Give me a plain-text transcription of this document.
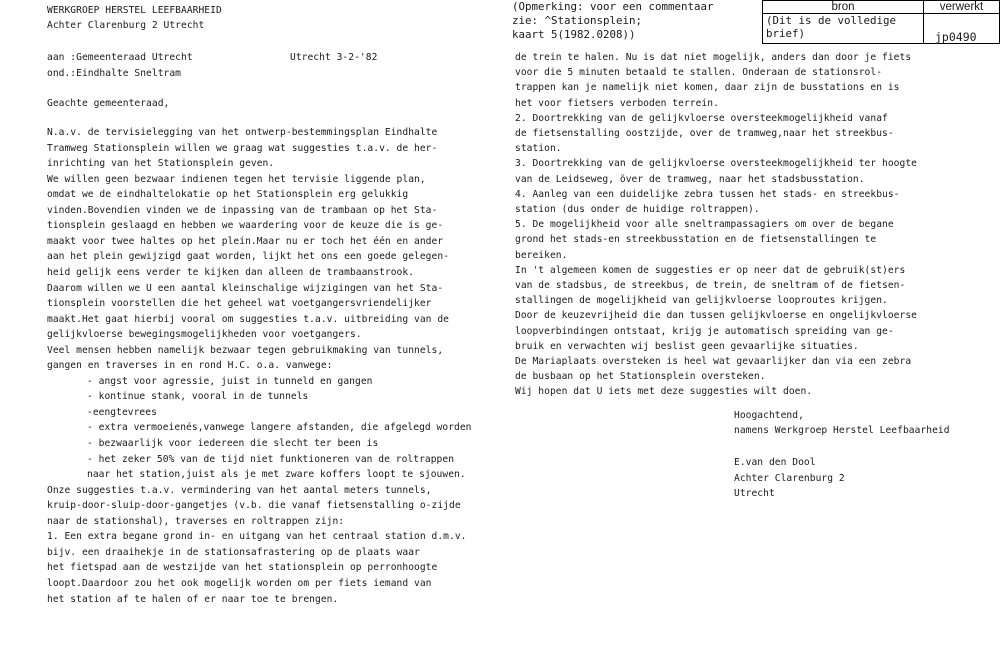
WERKGROEP HERSTEL LEEFBAARHEID
Achter Clarenburg 2 Utrecht
aan :Gemeenteraad Utrecht	Utrecht 3-2-'82
ond.:Eindhalte Sneltram
Geachte gemeenteraad,
(Opmerking: voor een commentaar
zie: ^Stationsplein;
kaart 5(1982.0208))
bron	verwerkt
(Dit is de volledige
brief)	jp0490
N.a.v. de tervisielegging van het ontwerp-bestemmingsplan Eindhalte
Tramweg Stationsplein willen we graag wat suggesties t.a.v. de her-
inrichting van het Stationsplein geven.
We willen geen bezwaar indienen tegen het tervisie liggende plan,
omdat we de eindhaltelokatie op het Stationsplein erg gelukkig
vinden.Bovendien vinden we de inpassing van de trambaan op het Sta-
tionsplein geslaagd en hebben we waardering voor de keuze die is ge-
maakt voor twee haltes op het plein.Maar nu er toch het één en ander
aan het plein gewijzigd gaat worden, lijkt het ons een goede gelegen-
heid gelijk eens verder te kijken dan alleen de trambaanstrook.
Daarom willen we U een aantal kleinschalige wijzigingen van het Sta-
tionsplein voorstellen die het geheel wat voetgangersvriendelijker
maakt.Het gaat hierbij vooral om suggesties t.a.v. uitbreiding van de
gelijkvloerse bewegingsmogelijkheden voor voetgangers.
Veel mensen hebben namelijk bezwaar tegen gebruikmaking van tunnels,
gangen en traverses in en rond H.C. o.a. vanwege:
- angst voor agressie, juist in tunneld en gangen
- kontinue stank, vooral in de tunnels
-eengtevrees
- extra vermoeienés,vanwege langere afstanden, die afgelegd worden
- bezwaarlijk voor iedereen die slecht ter been is
- het zeker 50% van de tijd niet funktioneren van de roltrappen
naar het station,juist als je met zware koffers loopt te sjouwen.
Onze suggesties t.a.v. vermindering van het aantal meters tunnels,
kruip-door-sluip-door-gangetjes (v.b. die vanaf fietsenstalling o-zijde
naar de stationshal), traverses en roltrappen zijn:
1. Een extra begane grond in- en uitgang van het centraal station d.m.v.
bijv. een draaihekje in de stationsafrastering op de plaats waar
het fietspad aan de westzijde van het stationsplein op perronhoogte
loopt.Daardoor zou het ook mogelijk worden om per fiets iemand van
het station af te halen of er naar toe te brengen.
de trein te halen. Nu is dat niet mogelijk, anders dan door je fiets
voor die 5 minuten betaald te stallen. Onderaan de stationsrol-
trappen kan je namelijk niet komen, daar zijn de busstations en is
het voor fietsers verboden terrein.
2. Doortrekking van de gelijkvloerse oversteekmogelijkheid vanaf
de fietsenstalling oostzijde, over de tramweg,naar het streekbus-
station.
3. Doortrekking van de gelijkvloerse oversteekmogelijkheid ter hoogte
van de Leidseweg, över de tramweg, naar het stadsbusstation.
4. Aanleg van een duidelijke zebra tussen het stads- en streekbus-
station (dus onder de huidige roltrappen).
5. De mogelijkheid voor alle sneltrampassagiers om over de begane
grond het stads-en streekbusstation en de fietsenstallingen te
bereiken.
In 't algemeen komen de suggesties er op neer dat de gebruik(st)ers
van de stadsbus, de streekbus, de trein, de sneltram of de fietsen-
stallingen de mogelijkheid van gelijkvloerse looproutes krijgen.
Door de keuzevrijheid die dan tussen gelijkvloerse en ongelijkvloerse
loopverbindingen ontstaat, krijg je automatisch spreiding van ge-
bruik en verwachten wij beslist geen gevaarlijke situaties.
De Mariaplaats oversteken is heel wat gevaarlijker dan via een zebra
de busbaan op het Stationsplein oversteken.
Wij hopen dat U iets met deze suggesties wilt doen.
Hoogachtend,
namens Werkgroep Herstel Leefbaarheid
E.van den Dool
Achter Clarenburg 2
Utrecht
